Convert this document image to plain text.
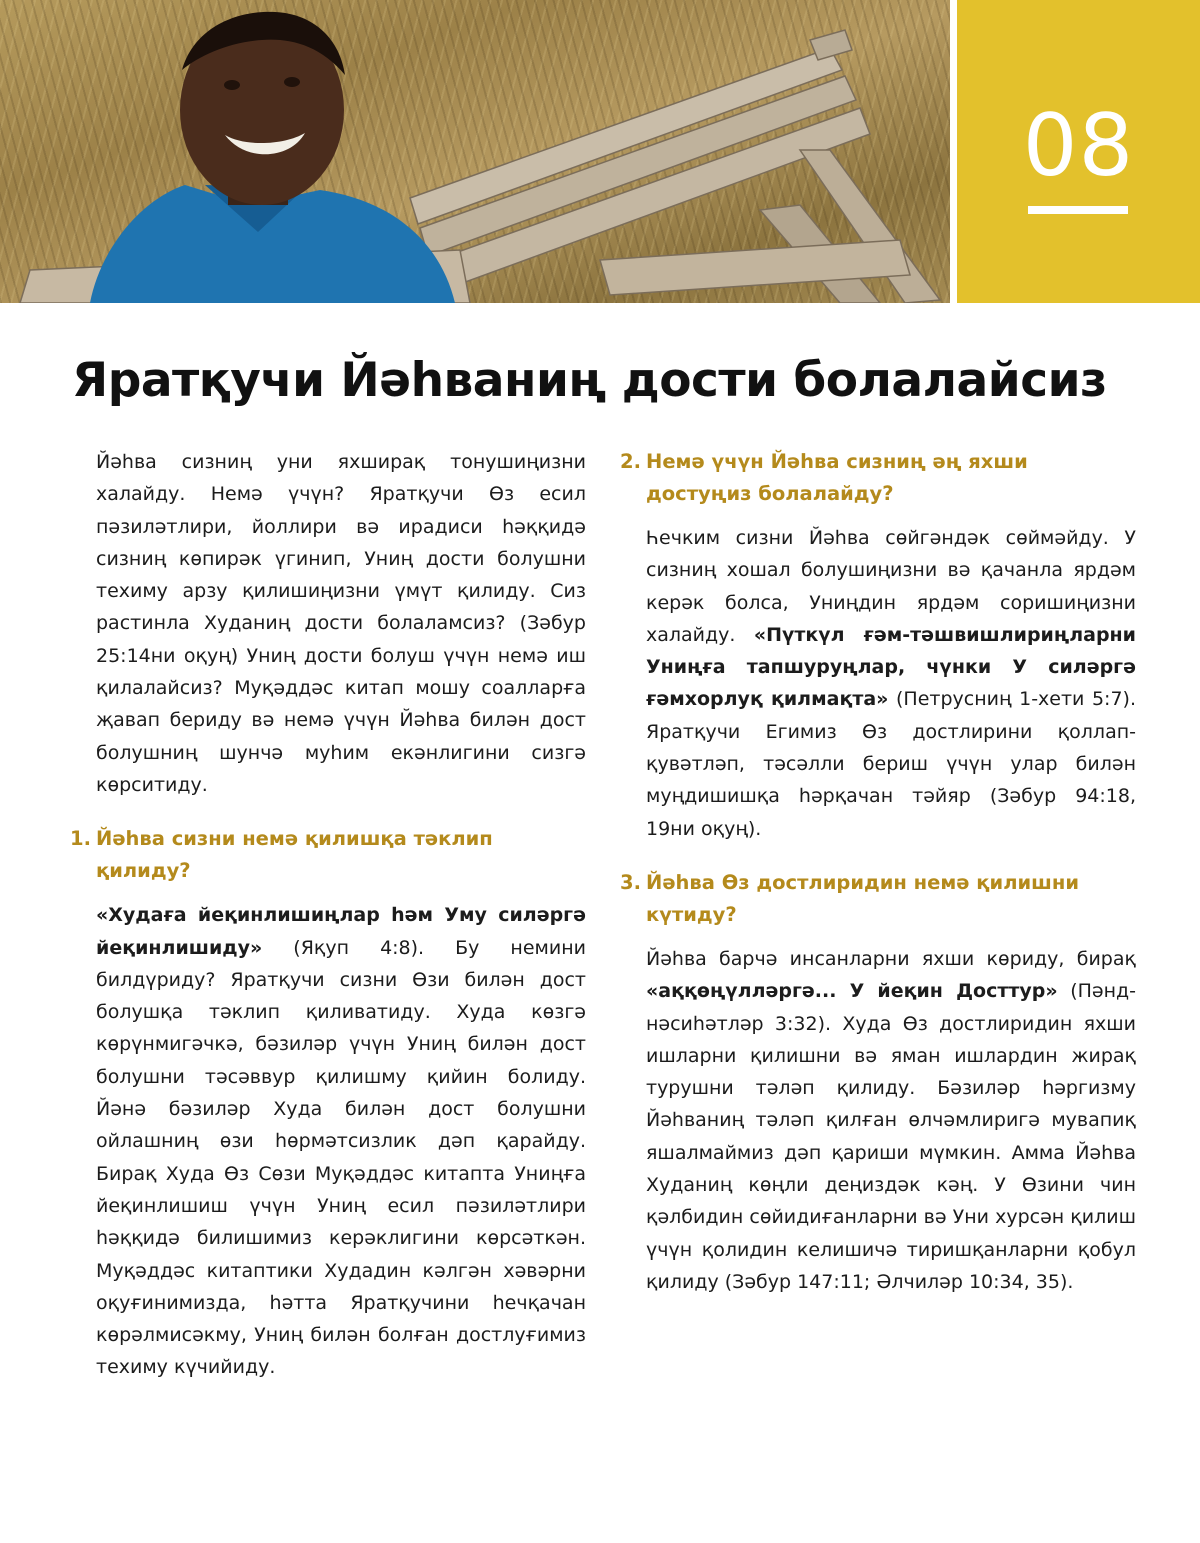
08
Яратқучи Йәһваниң дости болалайсиз

Йәһва сизниң уни яхширақ тонушиңизни халайду. Немә үчүн? Яратқучи Өз есил пәзиләтлири, йоллири вә ирадиси һәққидә сизниң көпирәк үгинип, Униң дости болушни техиму арзу қилишиңизни үмүт қилиду. Сиз растинла Худаниң дости болаламсиз? (Зәбур 25:14ни оқуң) Униң дости болуш үчүн немә иш қилалайсиз? Муқәддәс китап мошу соалларға җавап бериду вә немә үчүн Йәһва билән дост болушниң шунчә муһим екәнлигини сизгә көрситиду.

1. Йәһва сизни немә қилишқа тәклип қилиду?

«Худаға йеқинлишиңлар һәм Уму силәргә йеқинлишиду» (Яқуп 4:8). Бу немини билдүриду? Яратқучи сизни Өзи билән дост болушқа тәклип қиливатиду. Худа көзгә көрүнмигәчкә, бәзиләр үчүн Униң билән дост болушни тәсәввур қилишму қийин болиду. Йәнә бәзиләр Худа билән дост болушни ойлашниң өзи һөрмәтсизлик дәп қарайду. Бирақ Худа Өз Сөзи Муқәддәс китапта Униңға йеқинлишиш үчүн Униң есил пәзиләтлири һәққидә билишимиз керәклигини көрсәткән. Муқәддәс китаптики Худадин кәлгән хәвәрни оқуғинимизда, һәтта Яратқучини һечқачан көрәлмисәкму, Униң билән болған достлуғимиз техиму күчийиду.

2. Немә үчүн Йәһва сизниң әң яхши достуңиз болалайду?

Һечким сизни Йәһва сөйгәндәк сөймәйду. У сизниң хошал болушиңизни вә қачанла ярдәм керәк болса, Униңдин ярдәм соришиңизни халайду. «Пүткүл ғәм-тәшвишлириңларни Униңға тапшуруңлар, чүнки У силәргә ғәмхорлуқ қилмақта» (Петрусниң 1-хети 5:7). Яратқучи Егимиз Өз достлирини қоллап-қувәтләп, тәсәлли бериш үчүн улар билән муңдишишқа һәрқачан тәйяр (Зәбур 94:18, 19ни оқуң).

3. Йәһва Өз достлиридин немә қилишни күтиду?

Йәһва барчә инсанларни яхши көриду, бирақ «аққөңүлләргә... У йеқин Досттур» (Пәнд-нәсиһәтләр 3:32). Худа Өз достлиридин яхши ишларни қилишни вә яман ишлардин жирақ турушни тәләп қилиду. Бәзиләр һәргизму Йәһваниң тәләп қилған өлчәмлиригә мувапиқ яшалмаймиз дәп қариши мүмкин. Амма Йәһва Худаниң көңли деңиздәк кәң. У Өзини чин қәлбидин сөйидиғанларни вә Уни хурсән қилиш үчүн қолидин келишичә тиришқанларни қобул қилиду (Зәбур 147:11; Әлчиләр 10:34, 35).
